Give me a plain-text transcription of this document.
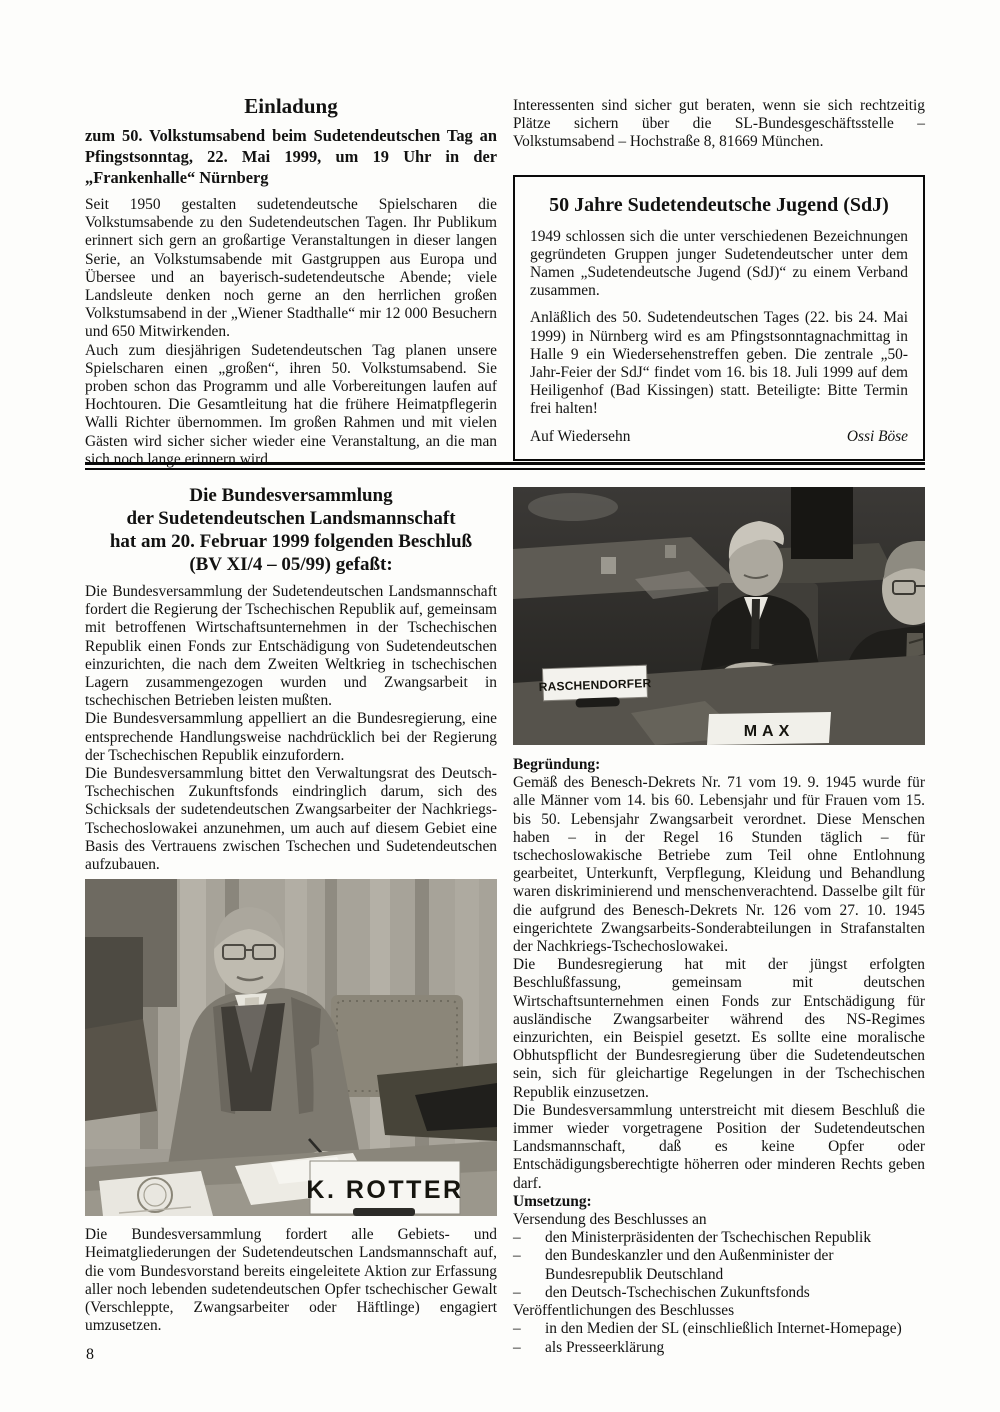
Einladung
zum 50. Volkstumsabend beim Sudetendeutschen Tag an Pfingstsonntag, 22. Mai 1999, um 19 Uhr in der „Frankenhalle“ Nürnberg

Seit 1950 gestalten sudetendeutsche Spielscharen die Volkstumsabende zu den Sudetendeutschen Tagen. Ihr Publikum erinnert sich gern an großartige Veranstaltungen in dieser langen Serie, an Volkstumsabende mit Gastgruppen aus Europa und Übersee und an bayerisch-sudetendeutsche Abende; viele Landsleute denken noch gerne an den herrlichen großen Volkstumsabend in der „Wiener Stadthalle“ mir 12 000 Besuchern und 650 Mitwirkenden.

Auch zum diesjährigen Sudetendeutschen Tag planen unsere Spielscharen einen „großen“, ihren 50. Volkstumsabend. Sie proben schon das Programm und alle Vorbereitungen laufen auf Hochtouren. Die Gesamtleitung hat die frühere Heimatpflegerin Walli Richter übernommen. Im großen Rahmen und mit vielen Gästen wird sicher sicher wieder eine Veranstaltung, an die man sich noch lange erinnern wird.

Interessenten sind sicher gut beraten, wenn sie sich rechtzeitig Plätze sichern über die SL-Bundesgeschäftsstelle – Volkstumsabend – Hochstraße 8, 81669 München.

50 Jahre Sudetendeutsche Jugend (SdJ)

1949 schlossen sich die unter verschiedenen Bezeichnungen gegründeten Gruppen junger Sudetendeutscher unter dem Namen „Sudetendeutsche Jugend (SdJ)“ zu einem Verband zusammen.

Anläßlich des 50. Sudetendeutschen Tages (22. bis 24. Mai 1999) in Nürnberg wird es am Pfingstsonntagnachmittag in Halle 9 ein Wiedersehenstreffen geben. Die zentrale „50-Jahr-Feier der SdJ“ findet vom 16. bis 18. Juli 1999 auf dem Heiligenhof (Bad Kissingen) statt. Beteiligte: Bitte Termin frei halten!

Auf Wiedersehn	Ossi Böse
Die Bundesversammlung
der Sudetendeutschen Landsmannschaft
hat am 20. Februar 1999 folgenden Beschluß
(BV XI/4 – 05/99) gefaßt:

Die Bundesversammlung der Sudetendeutschen Landsmannschaft fordert die Regierung der Tschechischen Republik auf, gemeinsam mit betroffenen Wirtschaftsunternehmen in der Tschechischen Republik einen Fonds zur Entschädigung von Sudetendeutschen einzurichten, die nach dem Zweiten Weltkrieg in tschechischen Lagern zusammengezogen wurden und Zwangsarbeit in tschechischen Betrieben leisten mußten.

Die Bundesversammlung appelliert an die Bundesregierung, eine entsprechende Handlungsweise nachdrücklich bei der Regierung der Tschechischen Republik einzufordern.

Die Bundesversammlung bittet den Verwaltungsrat des Deutsch-Tschechischen Zukunftsfonds eindringlich darum, sich des Schicksals der sudetendeutschen Zwangsarbeiter der Nachkriegs-Tschechoslowakei anzunehmen, um auch auf diesem Gebiet eine Basis des Vertrauens zwischen Tschechen und Sudetendeutschen aufzubauen.

K. ROTTER

Die Bundesversammlung fordert alle Gebiets- und Heimatgliederungen der Sudetendeutschen Landsmannschaft auf, die vom Bundesvorstand bereits eingeleitete Aktion zur Erfassung aller noch lebenden sudetendeutschen Opfer tschechischer Gewalt (Verschleppte, Zwangsarbeiter oder Häftlinge) engagiert umzusetzen.

RASCHENDORFER
MAX
Begründung:

Gemäß des Benesch-Dekrets Nr. 71 vom 19. 9. 1945 wurde für alle Männer vom 14. bis 60. Lebensjahr und für Frauen vom 15. bis 50. Lebensjahr Zwangsarbeit verordnet. Diese Menschen haben – in der Regel 16 Stunden täglich – für tschechoslowakische Betriebe zum Teil ohne Entlohnung gearbeitet, Unterkunft, Verpflegung, Kleidung und Behandlung waren diskriminierend und menschenverachtend. Dasselbe gilt für die aufgrund des Benesch-Dekrets Nr. 126 vom 27. 10. 1945 eingerichtete Zwangsarbeits-Sonderabteilungen in Strafanstalten der Nachkriegs-Tschechoslowakei.

Die Bundesregierung hat mit der jüngst erfolgten Beschlußfassung, gemeinsam mit deutschen Wirtschaftsunternehmen einen Fonds zur Entschädigung für ausländische Zwangsarbeiter während des NS-Regimes einzurichten, ein Beispiel gesetzt. Es sollte eine moralische Obhutspflicht der Bundesregierung über die Sudetendeutschen sein, sich für gleichartige Regelungen in der Tschechischen Republik einzusetzen.

Die Bundesversammlung unterstreicht mit diesem Beschluß die immer wieder vorgetragene Position der Sudetendeutschen Landsmannschaft, daß es keine Opfer oder Entschädigungsberechtigte höherren oder minderen Rechts geben darf.

Umsetzung:

Versendung des Beschlusses an

–	den Ministerpräsidenten der Tschechischen Republik
–	den Bundeskanzler und den Außenminister der Bundesrepublik Deutschland
–	den Deutsch-Tschechischen Zukunftsfonds

Veröffentlichungen des Beschlusses

–	in den Medien der SL (einschließlich Internet-Homepage)
–	als Presseerklärung
8
